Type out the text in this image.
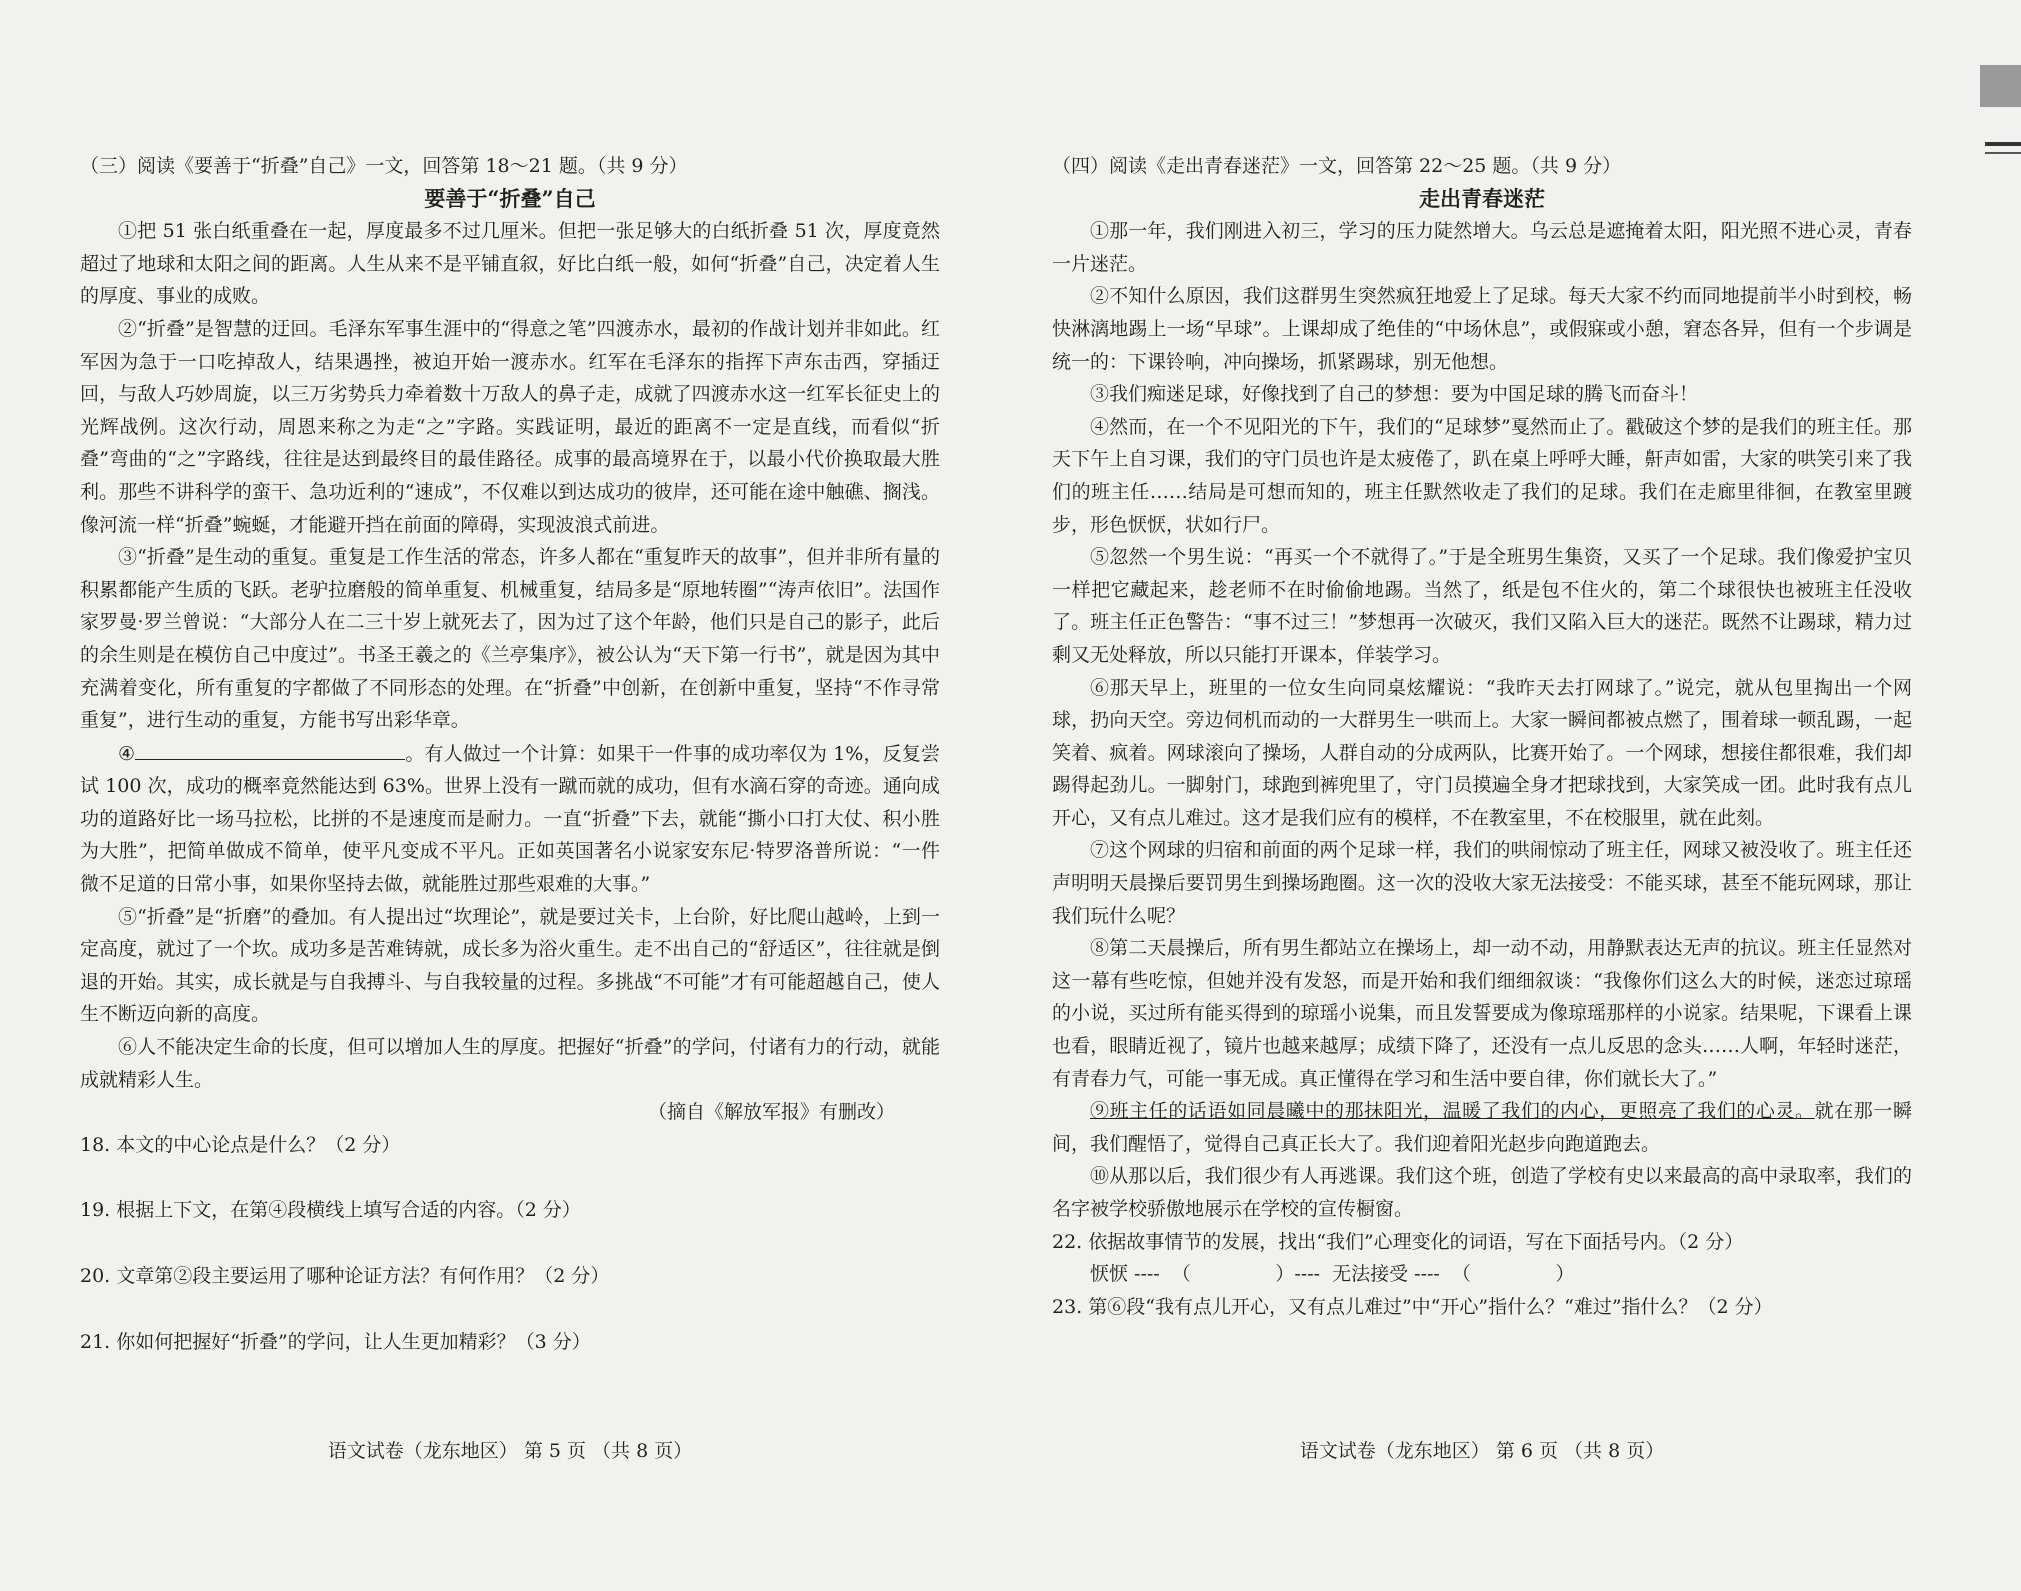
（三）阅读《要善于“折叠”自己》一文，回答第 18～21 题。（共 9 分）

要善于“折叠”自己

①把 51 张白纸重叠在一起，厚度最多不过几厘米。但把一张足够大的白纸折叠 51 次，厚度竟然超过了地球和太阳之间的距离。人生从来不是平铺直叙，好比白纸一般，如何“折叠”自己，决定着人生的厚度、事业的成败。

②“折叠”是智慧的迂回。毛泽东军事生涯中的“得意之笔”四渡赤水，最初的作战计划并非如此。红军因为急于一口吃掉敌人，结果遇挫，被迫开始一渡赤水。红军在毛泽东的指挥下声东击西，穿插迂回，与敌人巧妙周旋，以三万劣势兵力牵着数十万敌人的鼻子走，成就了四渡赤水这一红军长征史上的光辉战例。这次行动，周恩来称之为走“之”字路。实践证明，最近的距离不一定是直线，而看似“折叠”弯曲的“之”字路线，往往是达到最终目的最佳路径。成事的最高境界在于，以最小代价换取最大胜利。那些不讲科学的蛮干、急功近利的“速成”，不仅难以到达成功的彼岸，还可能在途中触礁、搁浅。像河流一样“折叠”蜿蜒，才能避开挡在前面的障碍，实现波浪式前进。

③“折叠”是生动的重复。重复是工作生活的常态，许多人都在“重复昨天的故事”，但并非所有量的积累都能产生质的飞跃。老驴拉磨般的简单重复、机械重复，结局多是“原地转圈”“涛声依旧”。法国作家罗曼·罗兰曾说：“大部分人在二三十岁上就死去了，因为过了这个年龄，他们只是自己的影子，此后的余生则是在模仿自己中度过”。书圣王羲之的《兰亭集序》，被公认为“天下第一行书”，就是因为其中充满着变化，所有重复的字都做了不同形态的处理。在“折叠”中创新，在创新中重复，坚持“不作寻常重复”，进行生动的重复，方能书写出彩华章。

④	。有人做过一个计算：如果干一件事的成功率仅为 1%，反复尝试 100 次，成功的概率竟然能达到 63%。世界上没有一蹴而就的成功，但有水滴石穿的奇迹。通向成功的道路好比一场马拉松，比拼的不是速度而是耐力。一直“折叠”下去，就能“撕小口打大仗、积小胜为大胜”，把简单做成不简单，使平凡变成不平凡。正如英国著名小说家安东尼·特罗洛普所说：“一件微不足道的日常小事，如果你坚持去做，就能胜过那些艰难的大事。”

⑤“折叠”是“折磨”的叠加。有人提出过“坎理论”，就是要过关卡，上台阶，好比爬山越岭，上到一定高度，就过了一个坎。成功多是苦难铸就，成长多为浴火重生。走不出自己的“舒适区”，往往就是倒退的开始。其实，成长就是与自我搏斗、与自我较量的过程。多挑战“不可能”才有可能超越自己，使人生不断迈向新的高度。

⑥人不能决定生命的长度，但可以增加人生的厚度。把握好“折叠”的学问，付诸有力的行动，就能成就精彩人生。

（摘自《解放军报》有删改）

18. 本文的中心论点是什么？（2 分）

19. 根据上下文，在第④段横线上填写合适的内容。（2 分）

20. 文章第②段主要运用了哪种论证方法？有何作用？（2 分）

21. 你如何把握好“折叠”的学问，让人生更加精彩？（3 分）

（四）阅读《走出青春迷茫》一文，回答第 22～25 题。（共 9 分）

走出青春迷茫

①那一年，我们刚进入初三，学习的压力陡然增大。乌云总是遮掩着太阳，阳光照不进心灵，青春一片迷茫。

②不知什么原因，我们这群男生突然疯狂地爱上了足球。每天大家不约而同地提前半小时到校，畅快淋漓地踢上一场“早球”。上课却成了绝佳的“中场休息”，或假寐或小憩，窘态各异，但有一个步调是统一的：下课铃响，冲向操场，抓紧踢球，别无他想。

③我们痴迷足球，好像找到了自己的梦想：要为中国足球的腾飞而奋斗！

④然而，在一个不见阳光的下午，我们的“足球梦”戛然而止了。戳破这个梦的是我们的班主任。那天下午上自习课，我们的守门员也许是太疲倦了，趴在桌上呼呼大睡，鼾声如雷，大家的哄笑引来了我们的班主任……结局是可想而知的，班主任默然收走了我们的足球。我们在走廊里徘徊，在教室里踱步，形色恹恹，状如行尸。

⑤忽然一个男生说：“再买一个不就得了。”于是全班男生集资，又买了一个足球。我们像爱护宝贝一样把它藏起来，趁老师不在时偷偷地踢。当然了，纸是包不住火的，第二个球很快也被班主任没收了。班主任正色警告：“事不过三！”梦想再一次破灭，我们又陷入巨大的迷茫。既然不让踢球，精力过剩又无处释放，所以只能打开课本，佯装学习。

⑥那天早上，班里的一位女生向同桌炫耀说：“我昨天去打网球了。”说完，就从包里掏出一个网球，扔向天空。旁边伺机而动的一大群男生一哄而上。大家一瞬间都被点燃了，围着球一顿乱踢，一起笑着、疯着。网球滚向了操场，人群自动的分成两队，比赛开始了。一个网球，想接住都很难，我们却踢得起劲儿。一脚射门，球跑到裤兜里了，守门员摸遍全身才把球找到，大家笑成一团。此时我有点儿开心，又有点儿难过。这才是我们应有的模样，不在教室里，不在校服里，就在此刻。

⑦这个网球的归宿和前面的两个足球一样，我们的哄闹惊动了班主任，网球又被没收了。班主任还声明明天晨操后要罚男生到操场跑圈。这一次的没收大家无法接受：不能买球，甚至不能玩网球，那让我们玩什么呢？

⑧第二天晨操后，所有男生都站立在操场上，却一动不动，用静默表达无声的抗议。班主任显然对这一幕有些吃惊，但她并没有发怒，而是开始和我们细细叙谈：“我像你们这么大的时候，迷恋过琼瑶的小说，买过所有能买得到的琼瑶小说集，而且发誓要成为像琼瑶那样的小说家。结果呢，下课看上课也看，眼睛近视了，镜片也越来越厚；成绩下降了，还没有一点儿反思的念头……人啊，年轻时迷茫，有青春力气，可能一事无成。真正懂得在学习和生活中要自律，你们就长大了。”

⑨班主任的话语如同晨曦中的那抹阳光，温暖了我们的内心，更照亮了我们的心灵。就在那一瞬间，我们醒悟了，觉得自己真正长大了。我们迎着阳光赵步向跑道跑去。

⑩从那以后，我们很少有人再逃课。我们这个班，创造了学校有史以来最高的高中录取率，我们的名字被学校骄傲地展示在学校的宣传橱窗。

22. 依据故事情节的发展，找出“我们”心理变化的词语，写在下面括号内。（2 分）

恹恹 ----  （              ）----  无法接受 ----  （              ）

23. 第⑥段“我有点儿开心，又有点儿难过”中“开心”指什么？“难过”指什么？（2 分）

语文试卷（龙东地区） 第 5 页 （共 8 页）	语文试卷（龙东地区） 第 6 页 （共 8 页）
